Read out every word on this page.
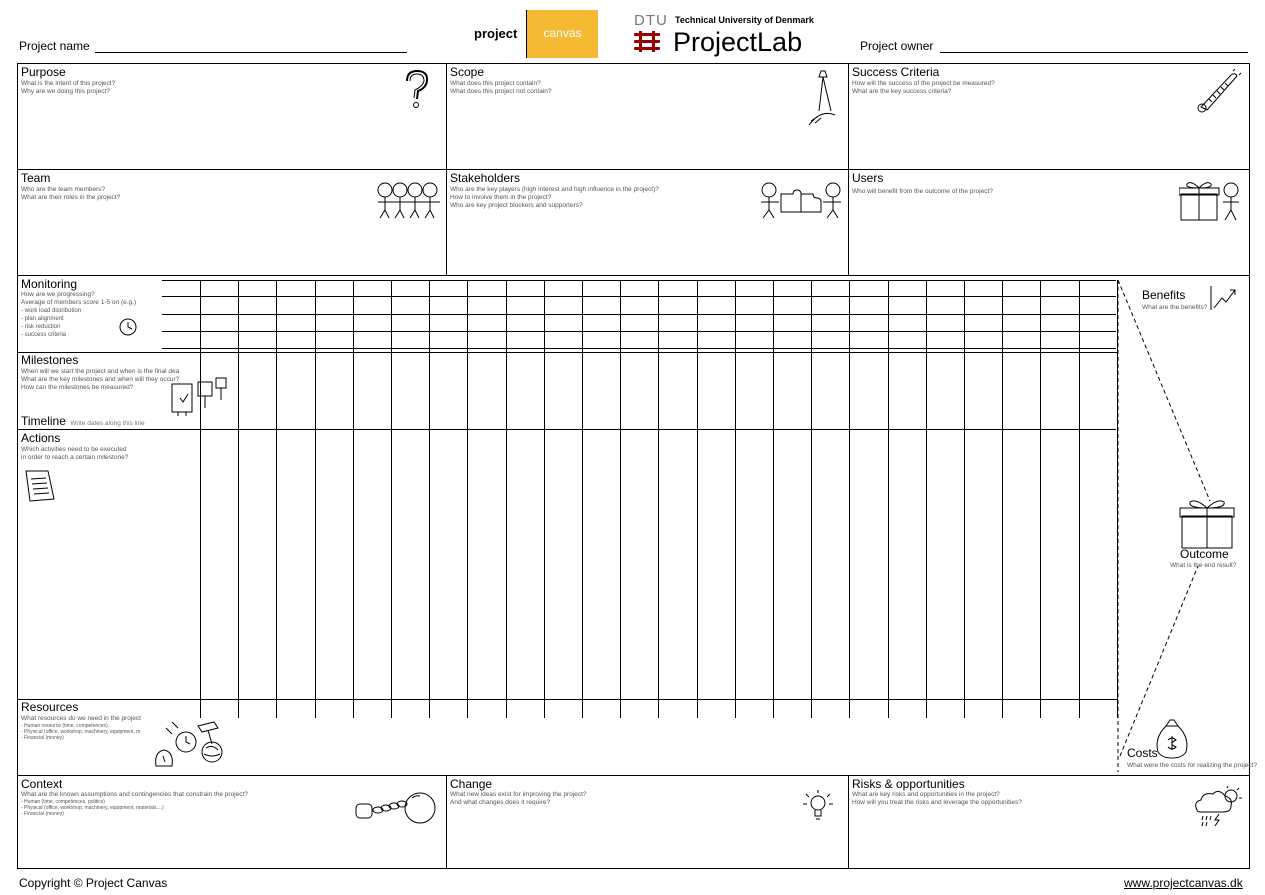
Project name
project	canvas
DTU Technical University of Denmark
ProjectLab	Project owner
Purpose
What is the intent of this project?
Why are we doing this project?
Scope
What does this project contain?
What does this project not contain?
Success Criteria
How will the success of the project be measured?
What are the key success criteria?
Team
Who are the team members?
What are their roles in the project?
Stakeholders
Who are the key players (high interest and high influence in the project)?
How to involve them in the project?
Who are key project blockers and supporters?
Users
Who will benefit from the outcome of the project?
Monitoring
How are we progressing?
Average of members score 1-5 on (e.g.)
- work load distribution
- plan alignment
- risk reduction
- success criteria
Milestones
When will we start the project and when is the final dea
What are the key milestones and when will they occur?
How can the milestones be measured?
Timeline Write dates along this line
Actions
Which activities need to be executed
in order to reach a certain milestone?
Resources
What resources do we need in the project
- Human resource (time, competences),
- Physical (office, workshop, machinery, equipment, m
- Financial (money)
Benefits
What are the benefits?
Outcome
What is the end result?
Costs
What were the costs for realizing the project?
Context
What are the known assumptions and contingencies that constrain the project?
- Human (time, competences, politics)
- Physical (office, workshop, machinery, equipment, materials....)
- Financial (money)
Change
What new ideas exist for improving the project?
And what changes does it require?
Risks & opportunities
What are key risks and opportunities in the project?
How will you treat the risks and leverage the opportunities?
Copyright © Project Canvas	www.projectcanvas.dk
